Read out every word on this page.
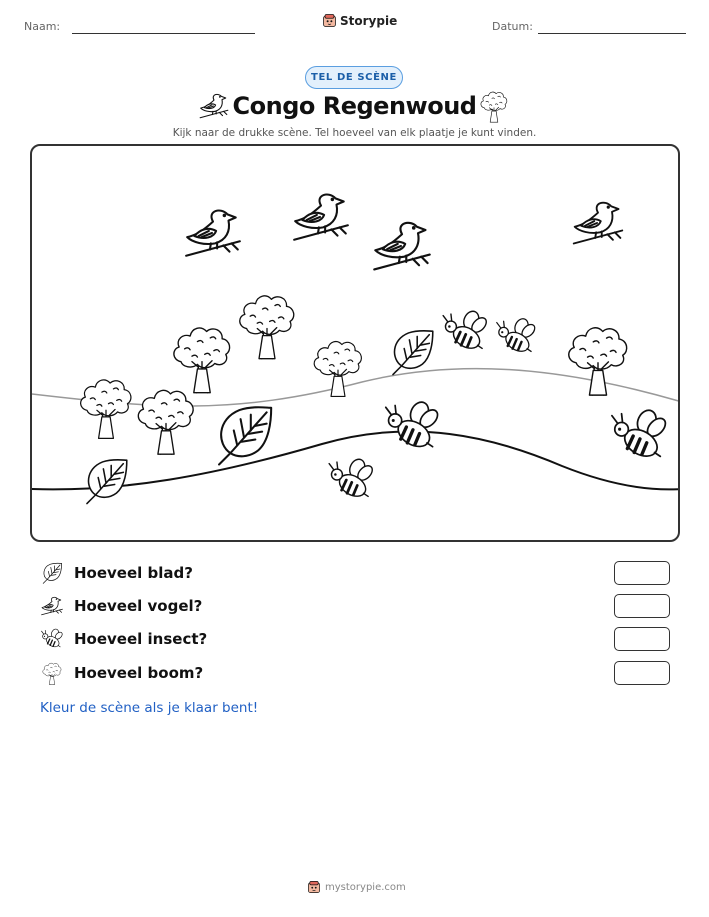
Naam:	Storypie	Datum:
TEL DE SCÈNE
Congo Regenwoud
Kijk naar de drukke scène. Tel hoeveel van elk plaatje je kunt vinden.
Hoeveel blad?
Hoeveel vogel?
Hoeveel insect?
Hoeveel boom?
Kleur de scène als je klaar bent!
mystorypie.com
